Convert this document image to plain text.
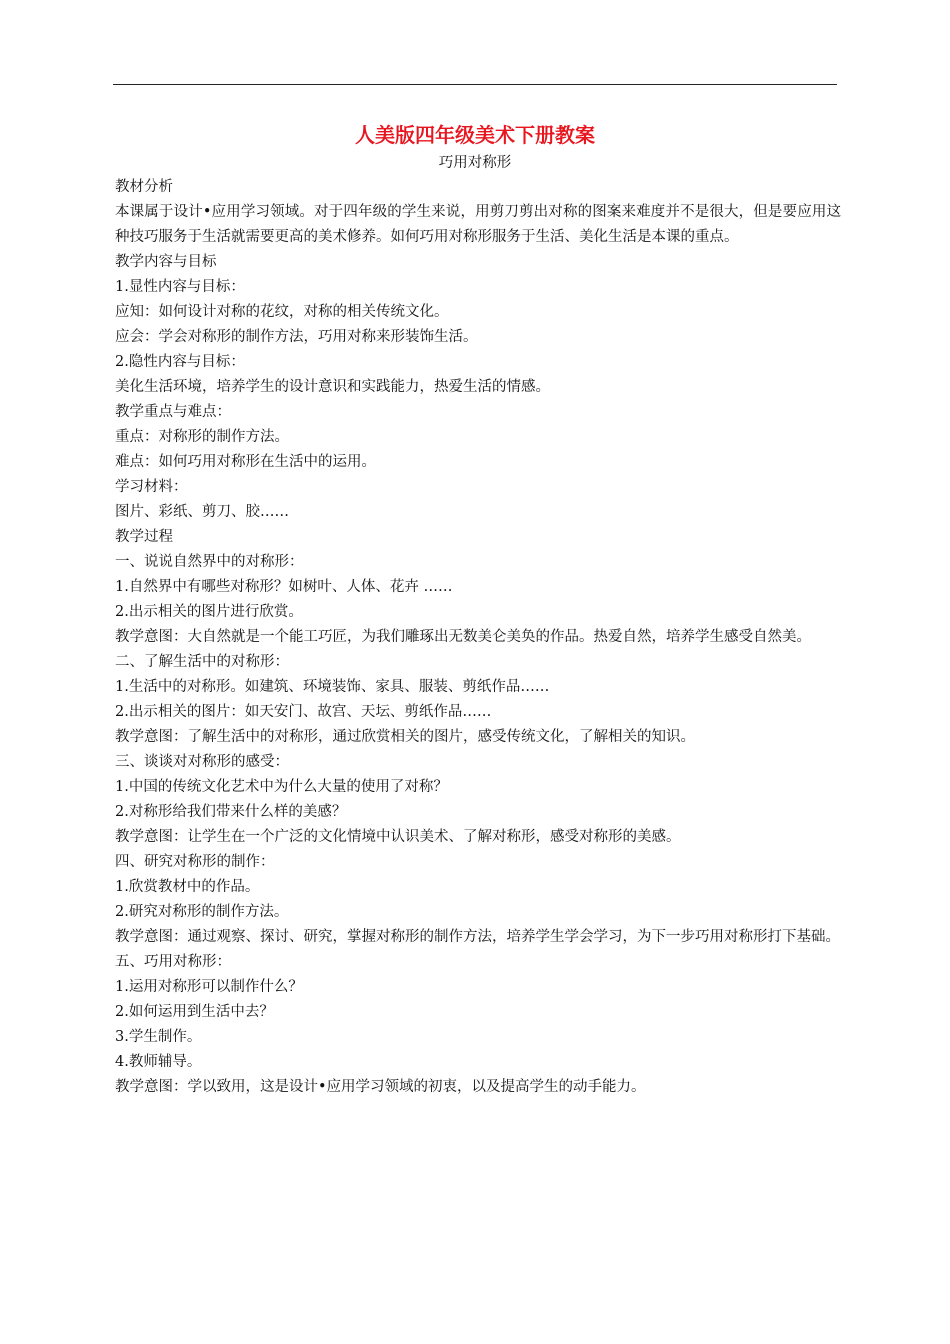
人美版四年级美术下册教案
巧用对称形

教材分析

本课属于设计•应用学习领域。对于四年级的学生来说，用剪刀剪出对称的图案来难度并不是很大，但是要应用这种技巧服务于生活就需要更高的美术修养。如何巧用对称形服务于生活、美化生活是本课的重点。

教学内容与目标

1.显性内容与目标：

应知：如何设计对称的花纹，对称的相关传统文化。

应会：学会对称形的制作方法，巧用对称来形装饰生活。

2.隐性内容与目标：

美化生活环境，培养学生的设计意识和实践能力，热爱生活的情感。

教学重点与难点：

重点：对称形的制作方法。

难点：如何巧用对称形在生活中的运用。

学习材料：

图片、彩纸、剪刀、胶……

教学过程

一、说说自然界中的对称形：

1.自然界中有哪些对称形？如树叶、人体、花卉 ……

2.出示相关的图片进行欣赏。

教学意图：大自然就是一个能工巧匠，为我们雕琢出无数美仑美奂的作品。热爱自然，培养学生感受自然美。

二、了解生活中的对称形：

1.生活中的对称形。如建筑、环境装饰、家具、服装、剪纸作品……

2.出示相关的图片：如天安门、故宫、天坛、剪纸作品……

教学意图：了解生活中的对称形，通过欣赏相关的图片，感受传统文化，了解相关的知识。

三、谈谈对对称形的感受：

1.中国的传统文化艺术中为什么大量的使用了对称？

2.对称形给我们带来什么样的美感？

教学意图：让学生在一个广泛的文化情境中认识美术、了解对称形，感受对称形的美感。

四、研究对称形的制作：

1.欣赏教材中的作品。

2.研究对称形的制作方法。

教学意图：通过观察、探讨、研究，掌握对称形的制作方法，培养学生学会学习，为下一步巧用对称形打下基础。

五、巧用对称形：

1.运用对称形可以制作什么？

2.如何运用到生活中去？

3.学生制作。

4.教师辅导。

教学意图：学以致用，这是设计•应用学习领域的初衷，以及提高学生的动手能力。
